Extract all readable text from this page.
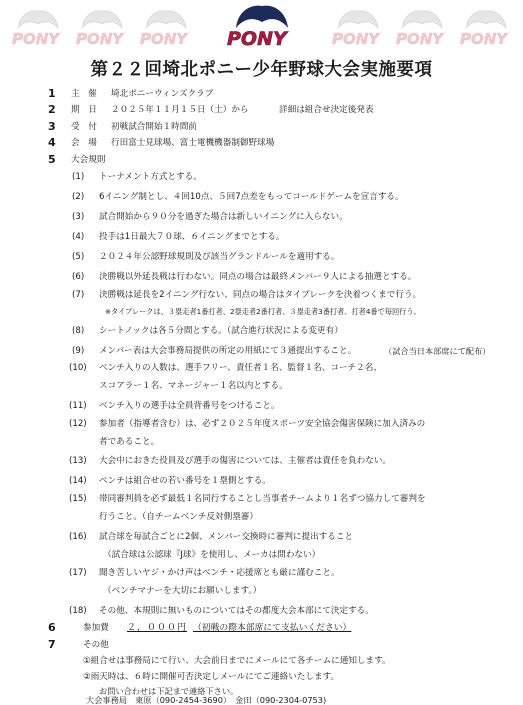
PONY PONY PONY	PONY PONY PONY
PONY
第２２回埼北ポニー少年野球大会実施要項
1 主　催 埼北ポニーウィンズクラブ
2 期　日 ２０２５年１１月１５日（土）から	詳細は組合せ決定後発表
3 受　付 初戦試合開始１時間前
4 会　場 行田富士見球場、富士電機機器制御野球場
5 大会規則
(1) トーナメント方式とする。
(2) 6イニング制とし、４回10点、５回7点差をもってコールドゲームを宣言する。
(3) 試合開始から９０分を過ぎた場合は新しいイニングに入らない。
(4) 投手は1日最大７０球、６イニングまでとする。
(5) ２０２４年公認野球規則及び該当グランドルールを適用する。
(6) 決勝戦以外延長戦は行わない。同点の場合は最終メンバー９人による抽選とする。
(7) 決勝戦は延長を2イニング行ない、同点の場合はタイブレークを決着つくまで行う。
※タイブレークは、３塁走者1番打者、2塁走者2番打者、３塁走者3番打者、打者4番で毎回行う。
(8) シートノックは各５分間とする。（試合進行状況による変更有）
(9) メンバー表は大会事務局提供の所定の用紙にて３通提出すること。	（試合当日本部席にて配布）
(10) ベンチ入りの人数は、選手フリー、責任者１名、監督１名、コーチ２名、
スコアラー１名、マネージャー１名以内とする。
(11) ベンチ入りの選手は全員背番号をつけること。
(12) 参加者（指導者含む）は、必ず２０２５年度スポーツ安全協会傷害保険に加入済みの
者であること。
(13) 大会中におきた役員及び選手の傷害については、主催者は責任を負わない。
(14) ベンチは組合せの若い番号を１塁側とする。
(15) 帯同審判員を必ず最低１名同行することし当事者チームより１名ずつ協力して審判を
行うこと。（自チームベンチ反対側塁審）
(16) 試合球を毎試合ごとに2個、メンバー交換時に審判に提出すること
（試合球は公認球『J球》を使用し、メーカは問わない）
(17) 聞き苦しいヤジ・かけ声はベンチ・応援席とも厳に謹むこと。
（ベンチマナーを大切にお願いします。）
(18) その他、本規則に無いものについてはその都度大会本部にて決定する。
6	参加費 ２，０００円 （初戦の際本部席にて支払いください）
7	その他
①組合せは事務局にて行い、大会前日までにメールにて各チームに通知します。
②雨天時は、６時に開催可否決定しメールにてご連絡いたします。
お問い合わせは下記まで連絡下さい。
大会事務局　東原（090-2454-3690）　金田（090-2304-0753)
